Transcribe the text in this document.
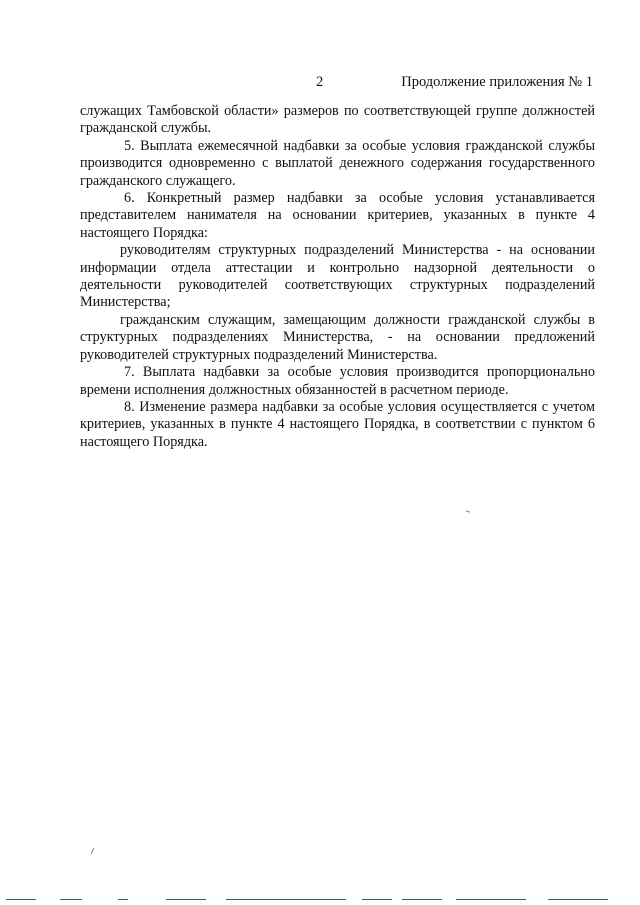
2	Продолжение приложения № 1

служащих Тамбовской области» размеров по соответствующей группе должностей гражданской службы.

5. Выплата ежемесячной надбавки за особые условия гражданской службы производится одновременно с выплатой денежного содержания государственного гражданского служащего.

6. Конкретный размер надбавки за особые условия устанавливается представителем нанимателя на основании критериев, указанных в пункте 4 настоящего Порядка:

руководителям структурных подразделений Министерства - на основании информации отдела аттестации и контрольно надзорной деятельности о деятельности руководителей соответствующих структурных подразделений Министерства;

гражданским служащим, замещающим должности гражданской службы в структурных подразделениях Министерства, - на основании предложений руководителей структурных подразделений Министерства.

7. Выплата надбавки за особые условия производится пропорционально времени исполнения должностных обязанностей в расчетном периоде.

8. Изменение размера надбавки за особые условия осуществляется с учетом критериев, указанных в пункте 4 настоящего Порядка, в соответствии с пунктом 6 настоящего Порядка.
